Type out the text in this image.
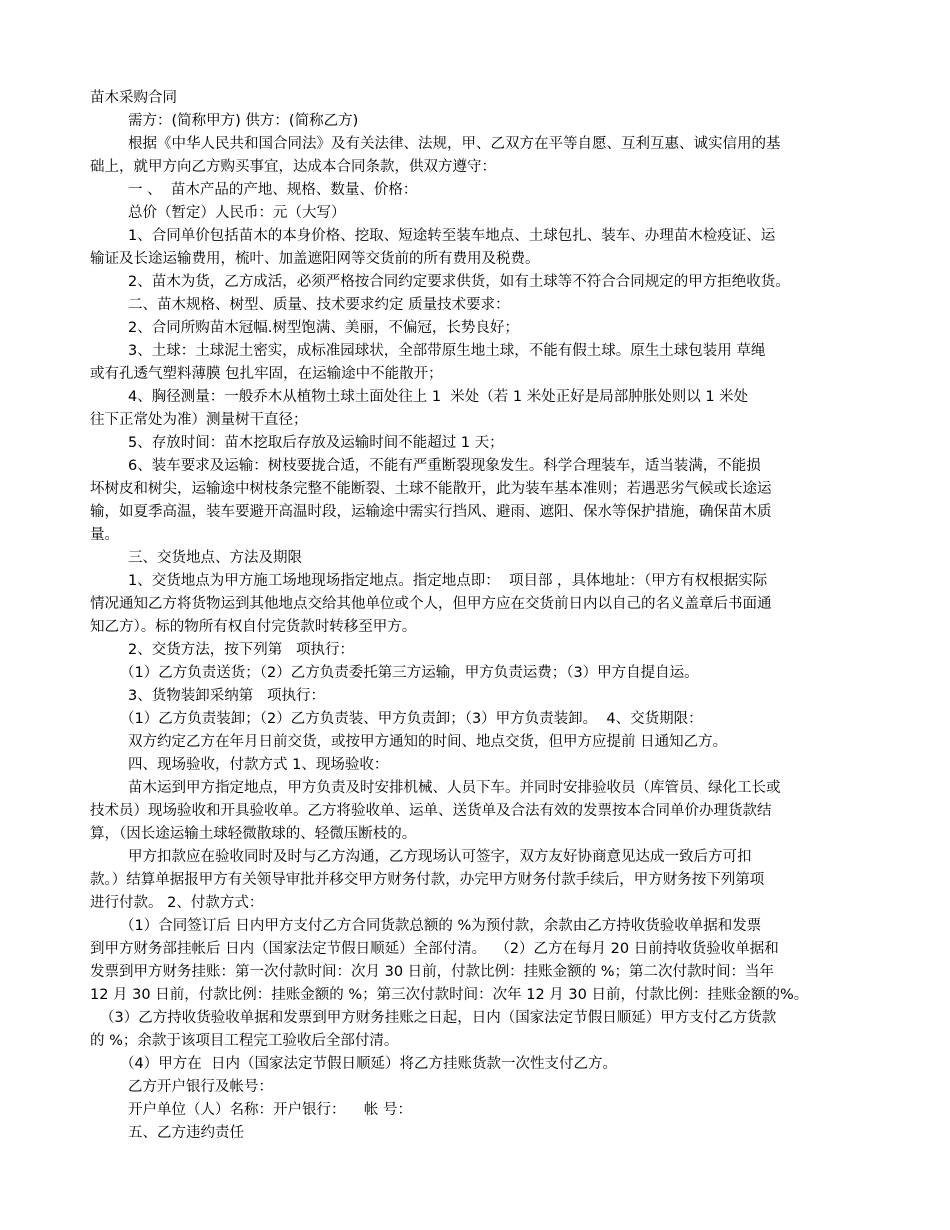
苗木采购合同
需方：(简称甲方) 供方：(简称乙方)
根据《中华人民共和国合同法》及有关法律、法规，甲、乙双方在平等自愿、互利互惠、诚实信用的基
础上，就甲方向乙方购买事宜，达成本合同条款，供双方遵守：
一 、  苗木产品的产地、规格、数量、价格：
总价（暂定）人民币：元（大写）
1、合同单价包括苗木的本身价格、挖取、短途转至装车地点、土球包扎、装车、办理苗木检疫证、运
输证及长途运输费用，梳叶、加盖遮阳网等交货前的所有费用及税费。
2、苗木为货，乙方成活，必须严格按合同约定要求供货，如有土球等不符合合同规定的甲方拒绝收货。
二、苗木规格、树型、质量、技术要求约定 质量技术要求：
2、合同所购苗木冠幅.树型饱满、美丽，不偏冠，长势良好；
3、土球：土球泥土密实，成标准园球状，全部带原生地土球，不能有假土球。原生土球包装用 草绳
或有孔透气塑料薄膜 包扎牢固，在运输途中不能散开；
4、胸径测量：一般乔木从植物土球土面处往上 1  米处（若 1 米处正好是局部肿胀处则以 1 米处
往下正常处为准）测量树干直径；
5、存放时间：苗木挖取后存放及运输时间不能超过 1 天；
6、装车要求及运输：树枝要拢合适，不能有严重断裂现象发生。科学合理装车，适当装满，不能损
坏树皮和树尖，运输途中树枝条完整不能断裂、土球不能散开，此为装车基本准则；若遇恶劣气候或长途运
输，如夏季高温，装车要避开高温时段，运输途中需实行挡风、避雨、遮阳、保水等保护措施，确保苗木质
量。
三、交货地点、方法及期限
1、交货地点为甲方施工场地现场指定地点。指定地点即：  项目部 ，具体地址：（甲方有权根据实际
情况通知乙方将货物运到其他地点交给其他单位或个人，但甲方应在交货前日内以自己的名义盖章后书面通
知乙方）。标的物所有权自付完货款时转移至甲方。
2、交货方法，按下列第   项执行：
（1）乙方负责送货；（2）乙方负责委托第三方运输，甲方负责运费；（3）甲方自提自运。
3、货物装卸采纳第   项执行：
（1）乙方负责装卸；（2）乙方负责装、甲方负责卸；（3）甲方负责装卸。  4、交货期限：
双方约定乙方在年月日前交货，或按甲方通知的时间、地点交货，但甲方应提前 日通知乙方。
四、现场验收，付款方式 1、现场验收：
苗木运到甲方指定地点，甲方负责及时安排机械、人员下车。并同时安排验收员（库管员、绿化工长或
技术员）现场验收和开具验收单。乙方将验收单、运单、送货单及合法有效的发票按本合同单价办理货款结
算，（因长途运输土球轻微散球的、轻微压断枝的。
甲方扣款应在验收同时及时与乙方沟通，乙方现场认可签字，双方友好协商意见达成一致后方可扣
款。）结算单据报甲方有关领导审批并移交甲方财务付款，办完甲方财务付款手续后，甲方财务按下列第项
进行付款。 2、付款方式：
（1）合同签订后 日内甲方支付乙方合同货款总额的 %为预付款，余款由乙方持收货验收单据和发票
到甲方财务部挂帐后 日内（国家法定节假日顺延）全部付清。  （2）乙方在每月 20 日前持收货验收单据和
发票到甲方财务挂账：第一次付款时间：次月 30 日前，付款比例：挂账金额的 %；第二次付款时间：当年
12 月 30 日前，付款比例：挂账金额的 %；第三次付款时间：次年 12 月 30 日前，付款比例：挂账金额的%。
（3）乙方持收货验收单据和发票到甲方财务挂账之日起，日内（国家法定节假日顺延）甲方支付乙方货款
的 %；余款于该项目工程完工验收后全部付清。
（4）甲方在  日内（国家法定节假日顺延）将乙方挂账货款一次性支付乙方。
乙方开户银行及帐号：
开户单位（人）名称：开户银行：    帐 号：
五、乙方违约责任
